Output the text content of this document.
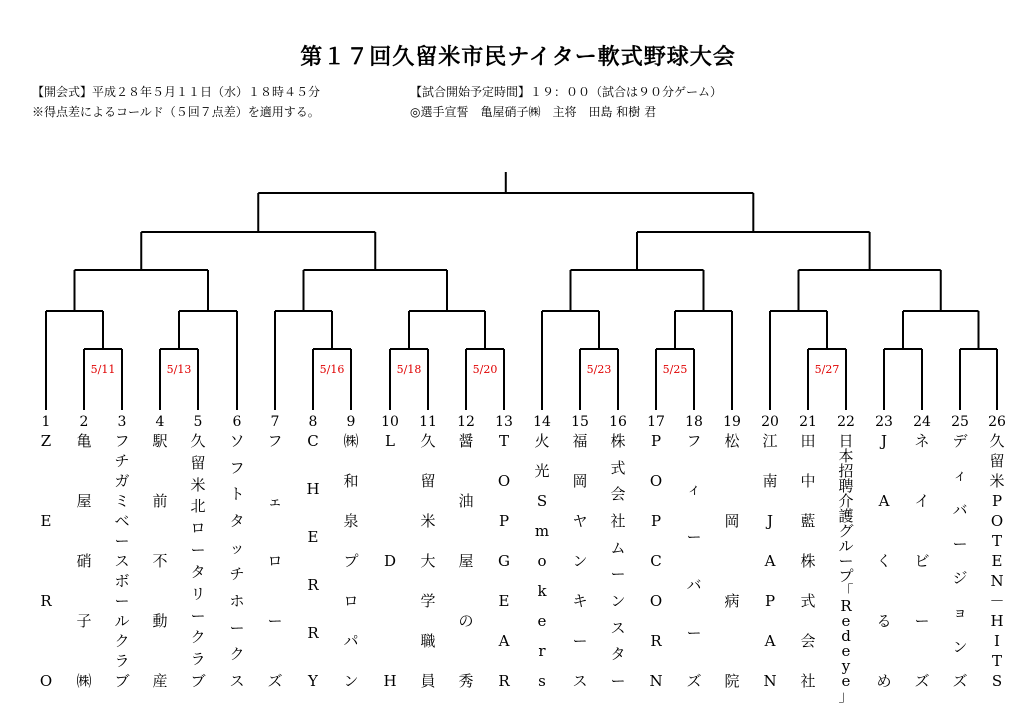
第１７回久留米市民ナイター軟式野球大会
【開会式】平成２８年５月１１日（水）１８時４５分	【試合開始予定時間】１９：００（試合は９０分ゲーム）
※得点差によるコールド（５回７点差）を適用する。	◎選手宣誓　亀屋硝子㈱　主将　田島 和樹 君
5/11	5/13	5/16	5/18	5/20	5/23	5/25	5/27
1
Z
E
R
O
2
亀
屋
硝
子
㈱
3
フ
チ
ガ
ミ
ベ
ー
ス
ボ
ー
ル
ク
ラ
ブ
4
駅
前
不
動
産
5
久
留
米
北
ロ
ー
タ
リ
ー
ク
ラ
ブ
6
ソ
フ
ト
タ
ッ
チ
ホ
ー
ク
ス
7
フ
ェ
ロ
ー
ズ
8
C
H
E
R
R
Y
9
㈱
和
泉
プ
ロ
パ
ン
10
L
D
H
11
久
留
米
大
学
職
員
12
醤
油
屋
の
秀
13
T
O
P
G
E
A
R
14
火
光
S
m
o
k
e
r
s
15
福
岡
ヤ
ン
キ
ー
ス
16
株
式
会
社
ム
ー
ン
ス
タ
ー
17
P
O
P
C
O
R
N
18
フ
ィ
ー
バ
ー
ズ
19
松
岡
病
院
20
江
南
J
A
P
A
N
21
田
中
藍
株
式
会
社
22
日
本
招
聘
介
護
グ
ル
ー
プ
「
R
e
d
e
y
e
」
23
J
A
く
る
め
24
ネ
イ
ビ
ー
ズ
25
デ
ィ
バ
ー
ジ
ョ
ン
ズ
26
久
留
米
P
O
T
E
N
－
H
I
T
S
